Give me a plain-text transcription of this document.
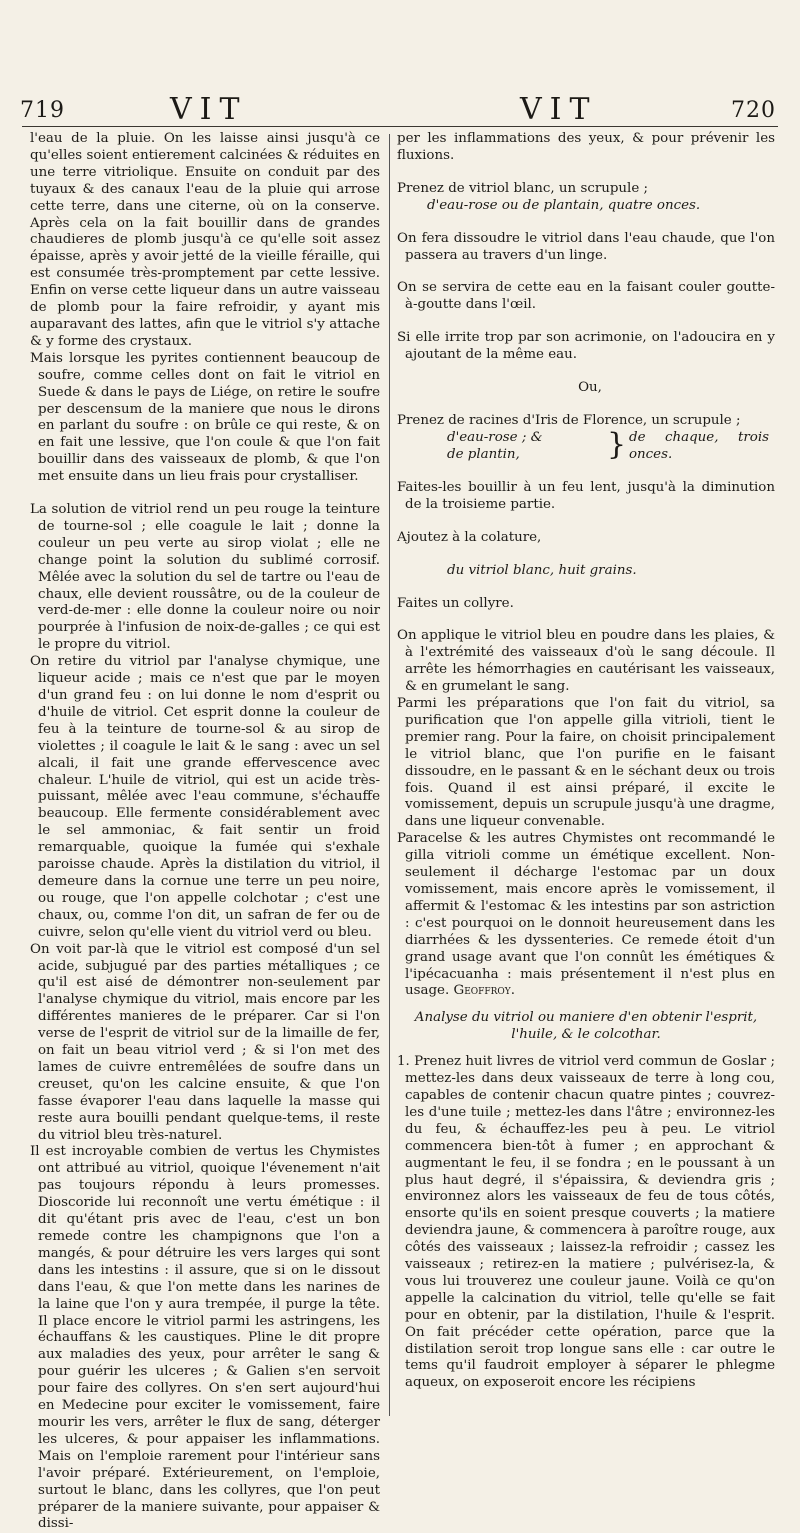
719	VIT	VIT	720

l'eau de la pluie. On les laisse ainsi jusqu'à ce qu'elles soient entierement calcinées & réduites en une terre vitriolique. Ensuite on conduit par des tuyaux & des canaux l'eau de la pluie qui arrose cette terre, dans une citerne, où on la conserve. Après cela on la fait bouillir dans de grandes chaudieres de plomb jusqu'à ce qu'elle soit assez épaisse, après y avoir jetté de la vieille féraille, qui est consumée très-promptement par cette lessive. Enfin on verse cette liqueur dans un autre vaisseau de plomb pour la faire refroidir, y ayant mis auparavant des lattes, afin que le vitriol s'y attache & y forme des crystaux.

Mais lorsque les pyrites contiennent beaucoup de soufre, comme celles dont on fait le vitriol en Suede & dans le pays de Liége, on retire le soufre per descensum de la maniere que nous le dirons en parlant du soufre : on brûle ce qui reste, & on en fait une lessive, que l'on coule & que l'on fait bouillir dans des vaisseaux de plomb, & que l'on met ensuite dans un lieu frais pour crystalliser.

La solution de vitriol rend un peu rouge la teinture de tourne-sol ; elle coagule le lait ; donne la couleur un peu verte au sirop violat ; elle ne change point la solution du sublimé corrosif. Mêlée avec la solution du sel de tartre ou l'eau de chaux, elle devient roussâtre, ou de la couleur de verd-de-mer : elle donne la couleur noire ou noir pourprée à l'infusion de noix-de-galles ; ce qui est le propre du vitriol.

On retire du vitriol par l'analyse chymique, une liqueur acide ; mais ce n'est que par le moyen d'un grand feu : on lui donne le nom d'esprit ou d'huile de vitriol. Cet esprit donne la couleur de feu à la teinture de tourne-sol & au sirop de violettes ; il coagule le lait & le sang : avec un sel alcali, il fait une grande effervescence avec chaleur. L'huile de vitriol, qui est un acide très-puissant, mêlée avec l'eau commune, s'échauffe beaucoup. Elle fermente considérablement avec le sel ammoniac, & fait sentir un froid remarquable, quoique la fumée qui s'exhale paroisse chaude. Après la distilation du vitriol, il demeure dans la cornue une terre un peu noire, ou rouge, que l'on appelle colchotar ; c'est une chaux, ou, comme l'on dit, un safran de fer ou de cuivre, selon qu'elle vient du vitriol verd ou bleu.

On voit par-là que le vitriol est composé d'un sel acide, subjugué par des parties métalliques ; ce qu'il est aisé de démontrer non-seulement par l'analyse chymique du vitriol, mais encore par les différentes manieres de le préparer. Car si l'on verse de l'esprit de vitriol sur de la limaille de fer, on fait un beau vitriol verd ; & si l'on met des lames de cuivre entremêlées de soufre dans un creuset, qu'on les calcine ensuite, & que l'on fasse évaporer l'eau dans laquelle la masse qui reste aura bouilli pendant quelque-tems, il reste du vitriol bleu très-naturel.

Il est incroyable combien de vertus les Chymistes ont attribué au vitriol, quoique l'évenement n'ait pas toujours répondu à leurs promesses. Dioscoride lui reconnoît une vertu émétique : il dit qu'étant pris avec de l'eau, c'est un bon remede contre les champignons que l'on a mangés, & pour détruire les vers larges qui sont dans les intestins : il assure, que si on le dissout dans l'eau, & que l'on mette dans les narines de la laine que l'on y aura trempée, il purge la tête. Il place encore le vitriol parmi les astringens, les échauffans & les caustiques. Pline le dit propre aux maladies des yeux, pour arrêter le sang & pour guérir les ulceres ; & Galien s'en servoit pour faire des collyres. On s'en sert aujourd'hui en Medecine pour exciter le vomissement, faire mourir les vers, arrêter le flux de sang, déterger les ulceres, & pour appaiser les inflammations. Mais on l'emploie rarement pour l'intérieur sans l'avoir préparé. Extérieurement, on l'emploie, surtout le blanc, dans les collyres, que l'on peut préparer de la maniere suivante, pour appaiser & dissi-

per les inflammations des yeux, & pour prévenir les fluxions.

Prenez de vitriol blanc, un scrupule ;

d'eau-rose ou de plantain, quatre onces.

On fera dissoudre le vitriol dans l'eau chaude, que l'on passera au travers d'un linge.

On se servira de cette eau en la faisant couler goutte-à-goutte dans l'œil.

Si elle irrite trop par son acrimonie, on l'adoucira en y ajoutant de la même eau.

Ou,

Prenez de racines d'Iris de Florence, un scrupule ;

d'eau-rose ; &
de plantin,	} de chaque, trois onces.

Faites-les bouillir à un feu lent, jusqu'à la diminution de la troisieme partie.

Ajoutez à la colature,

du vitriol blanc, huit grains.

Faites un collyre.

On applique le vitriol bleu en poudre dans les plaies, & à l'extrémité des vaisseaux d'où le sang découle. Il arrête les hémorrhagies en cautérisant les vaisseaux, & en grumelant le sang.

Parmi les préparations que l'on fait du vitriol, sa purification que l'on appelle gilla vitrioli, tient le premier rang. Pour la faire, on choisit principalement le vitriol blanc, que l'on purifie en le faisant dissoudre, en le passant & en le séchant deux ou trois fois. Quand il est ainsi préparé, il excite le vomissement, depuis un scrupule jusqu'à une dragme, dans une liqueur convenable.

Paracelse & les autres Chymistes ont recommandé le gilla vitrioli comme un émétique excellent. Non-seulement il décharge l'estomac par un doux vomissement, mais encore après le vomissement, il affermit & l'estomac & les intestins par son astriction : c'est pourquoi on le donnoit heureusement dans les diarrhées & les dyssenteries. Ce remede étoit d'un grand usage avant que l'on connût les émétiques & l'ipécacuanha : mais présentement il n'est plus en usage. Geoffroy.

Analyse du vitriol ou maniere d'en obtenir l'esprit, l'huile, & le colcothar.

1. Prenez huit livres de vitriol verd commun de Goslar ; mettez-les dans deux vaisseaux de terre à long cou, capables de contenir chacun quatre pintes ; couvrez-les d'une tuile ; mettez-les dans l'âtre ; environnez-les du feu, & échauffez-les peu à peu. Le vitriol commencera bien-tôt à fumer ; en approchant & augmentant le feu, il se fondra ; en le poussant à un plus haut degré, il s'épaissira, & deviendra gris ; environnez alors les vaisseaux de feu de tous côtés, ensorte qu'ils en soient presque couverts ; la matiere deviendra jaune, & commencera à paroître rouge, aux côtés des vaisseaux ; laissez-la refroidir ; cassez les vaisseaux ; retirez-en la matiere ; pulvérisez-la, & vous lui trouverez une couleur jaune. Voilà ce qu'on appelle la calcination du vitriol, telle qu'elle se fait pour en obtenir, par la distilation, l'huile & l'esprit. On fait précéder cette opération, parce que la distilation seroit trop longue sans elle : car outre le tems qu'il faudroit employer à séparer le phlegme aqueux, on exposeroit encore les récipiens
